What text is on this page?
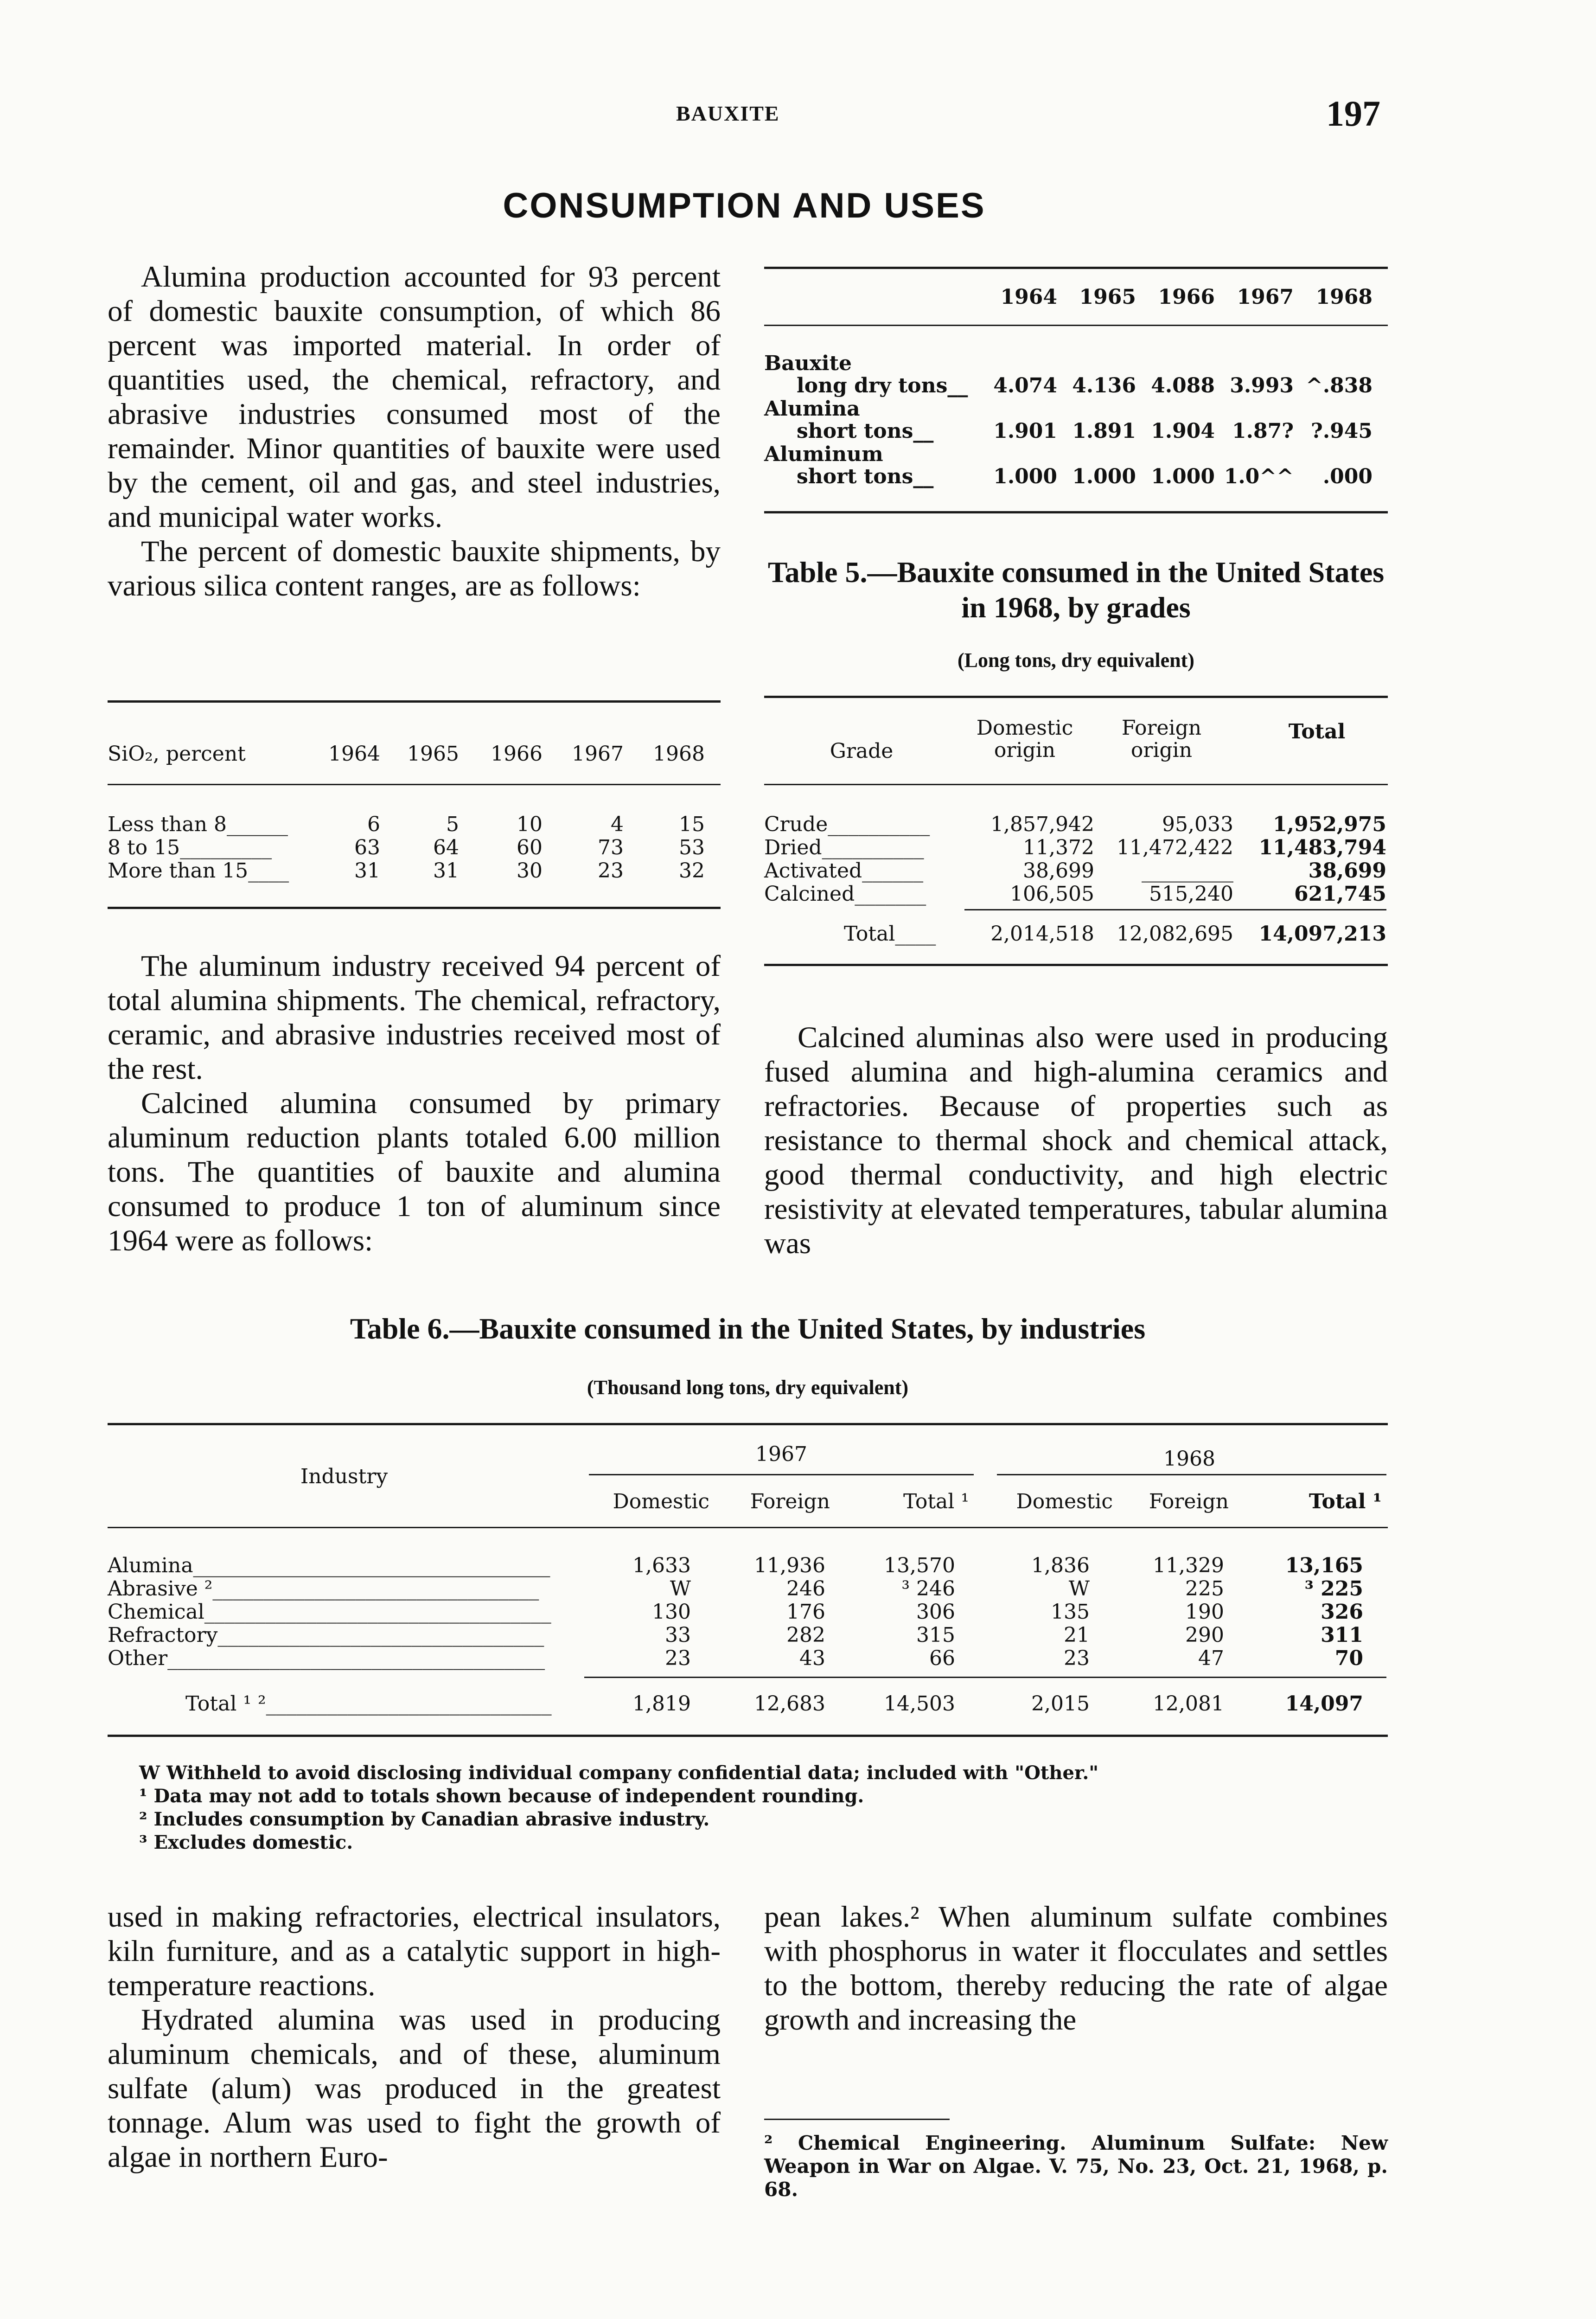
BAUXITE	197
CONSUMPTION AND USES

Alumina production accounted for 93 percent of domestic bauxite consumption, of which 86 percent was imported material. In order of quantities used, the chemical, refractory, and abrasive industries consumed most of the remainder. Minor quantities of bauxite were used by the cement, oil and gas, and steel industries, and municipal water works.

The percent of domestic bauxite shipments, by various silica content ranges, are as follows:

SiO₂, percent	1964	1965	1966	1967	1968
Less than 8______	6	5	10	4	15
8 to 15_________	63	64	60	73	53
More than 15____	31	31	30	23	32

The aluminum industry received 94 percent of total alumina shipments. The chemical, refractory, ceramic, and abrasive industries received most of the rest.

Calcined alumina consumed by primary aluminum reduction plants totaled 6.00 million tons. The quantities of bauxite and alumina consumed to produce 1 ton of aluminum since 1964 were as follows:

1964	1965	1966	1967	1968
Bauxite
long dry tons__	4.074 4.136 4.088 3.993 ^.838
Alumina
short tons__	1.901 1.891 1.904 1.87? ?.945
Aluminum
short tons__	1.000 1.000 1.000 1.0^^	.000
Table 5.—Bauxite consumed in the United States in 1968, by grades
(Long tons, dry equivalent)
Grade
Domestic origin
Foreign origin
Total
Crude__________	1,857,942	95,033	1,952,975
Dried__________	11,372	11,472,422	11,483,794
Activated______	38,699	_________	38,699
Calcined_______	106,505	515,240	621,745
Total____	2,014,518	12,082,695	14,097,213

Calcined aluminas also were used in producing fused alumina and high-alumina ceramics and refractories. Because of properties such as resistance to thermal shock and chemical attack, good thermal conductivity, and high electric resistivity at elevated temperatures, tabular alumina was

Table 6.—Bauxite consumed in the United States, by industries
(Thousand long tons, dry equivalent)
Industry
1967	1968
Domestic	Foreign	Total ¹	Domestic	Foreign	Total ¹
Alumina___________________________________	1,633	11,936	13,570	1,836	11,329	13,165
Abrasive ²________________________________	W	246	³ 246	W	225	³ 225
Chemical__________________________________	130	176	306	135	190	326
Refractory________________________________	33	282	315	21	290	311
Other_____________________________________	23	43	66	23	47	70
Total ¹ ²____________________________	1,819	12,683	14,503	2,015	12,081	14,097
W Withheld to avoid disclosing individual company confidential data; included with "Other."
¹ Data may not add to totals shown because of independent rounding.
² Includes consumption by Canadian abrasive industry.
³ Excludes domestic.

used in making refractories, electrical insulators, kiln furniture, and as a catalytic support in high-temperature reactions.

Hydrated alumina was used in producing aluminum chemicals, and of these, aluminum sulfate (alum) was produced in the greatest tonnage. Alum was used to fight the growth of algae in northern Euro-

pean lakes.² When aluminum sulfate combines with phosphorus in water it flocculates and settles to the bottom, thereby reducing the rate of algae growth and increasing the

² Chemical Engineering. Aluminum Sulfate: New Weapon in War on Algae. V. 75, No. 23, Oct. 21, 1968, p. 68.
